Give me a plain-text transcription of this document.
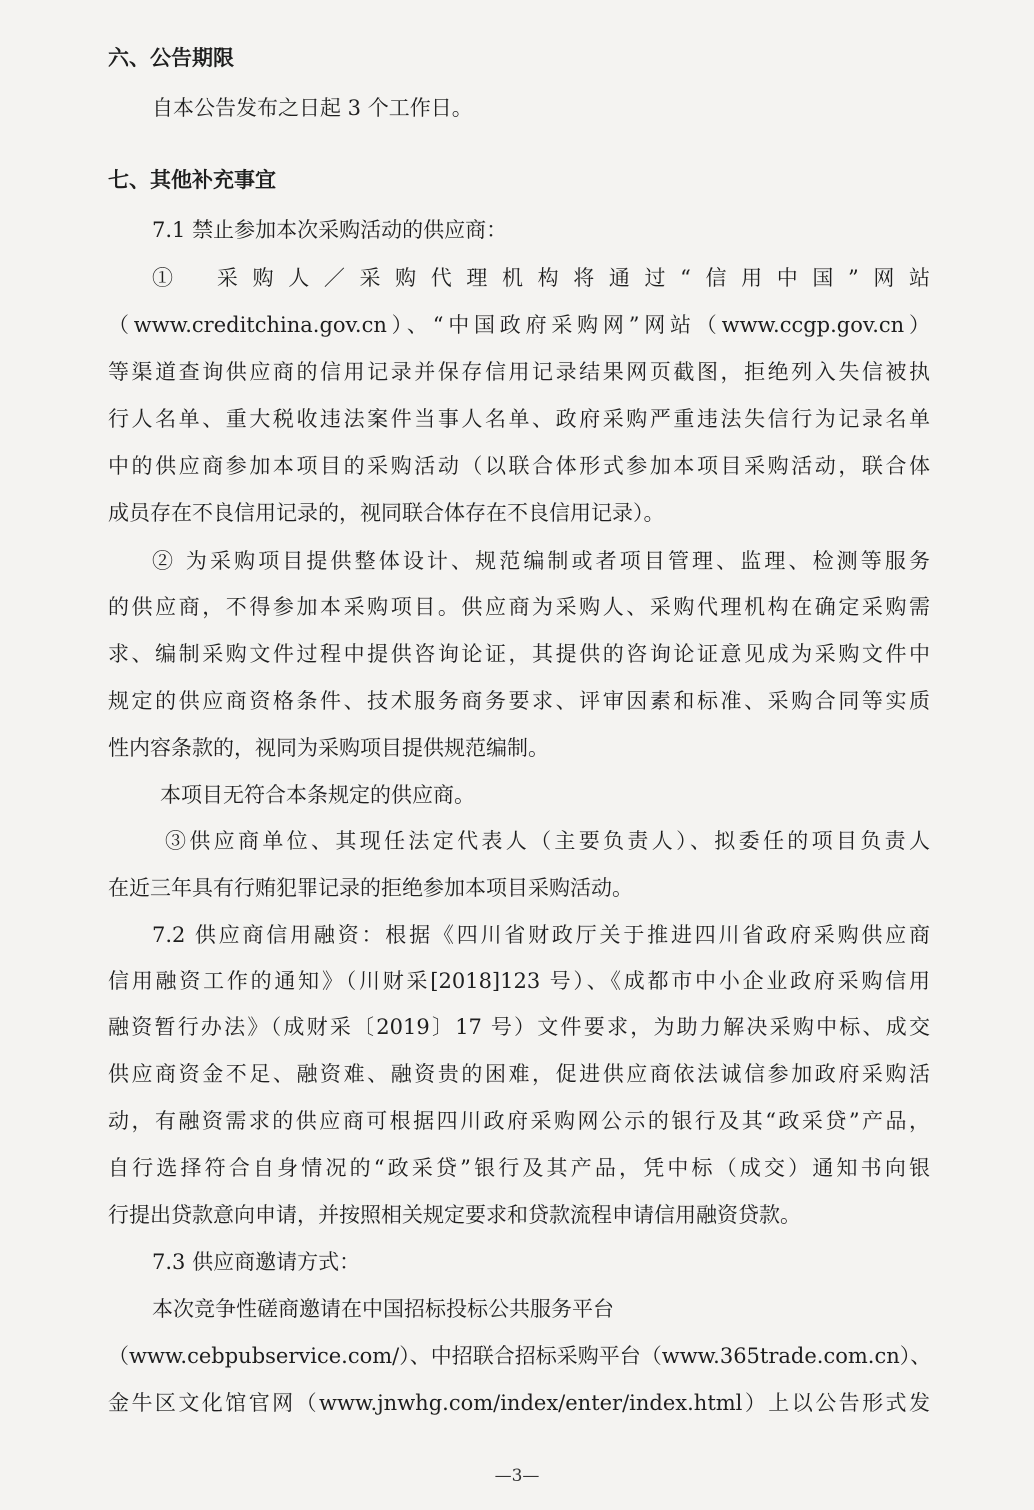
六、公告期限
自本公告发布之日起 3 个工作日。
七、其他补充事宜
7.1 禁止参加本次采购活动的供应商：
① 采购人／采购代理机构将通过“信用中国”网站
（www.creditchina.gov.cn）、“中国政府采购网”网站（www.ccgp.gov.cn）
等渠道查询供应商的信用记录并保存信用记录结果网页截图，拒绝列入失信被执
行人名单、重大税收违法案件当事人名单、政府采购严重违法失信行为记录名单
中的供应商参加本项目的采购活动（以联合体形式参加本项目采购活动，联合体
成员存在不良信用记录的，视同联合体存在不良信用记录）。
② 为采购项目提供整体设计、规范编制或者项目管理、监理、检测等服务
的供应商，不得参加本采购项目。供应商为采购人、采购代理机构在确定采购需
求、编制采购文件过程中提供咨询论证，其提供的咨询论证意见成为采购文件中
规定的供应商资格条件、技术服务商务要求、评审因素和标准、采购合同等实质
性内容条款的，视同为采购项目提供规范编制。
本项目无符合本条规定的供应商。
③供应商单位、其现任法定代表人（主要负责人）、拟委任的项目负责人
在近三年具有行贿犯罪记录的拒绝参加本项目采购活动。
7.2 供应商信用融资：根据《四川省财政厅关于推进四川省政府采购供应商
信用融资工作的通知》（川财采[2018]123 号）、《成都市中小企业政府采购信用
融资暂行办法》（成财采〔2019〕17 号）文件要求，为助力解决采购中标、成交
供应商资金不足、融资难、融资贵的困难，促进供应商依法诚信参加政府采购活
动，有融资需求的供应商可根据四川政府采购网公示的银行及其“政采贷”产品，
自行选择符合自身情况的“政采贷”银行及其产品，凭中标（成交）通知书向银
行提出贷款意向申请，并按照相关规定要求和贷款流程申请信用融资贷款。
7.3 供应商邀请方式：
本次竞争性磋商邀请在中国招标投标公共服务平台
（www.cebpubservice.com/）、中招联合招标采购平台（www.365trade.com.cn）、
金牛区文化馆官网（www.jnwhg.com/index/enter/index.html）上以公告形式发
—3—
